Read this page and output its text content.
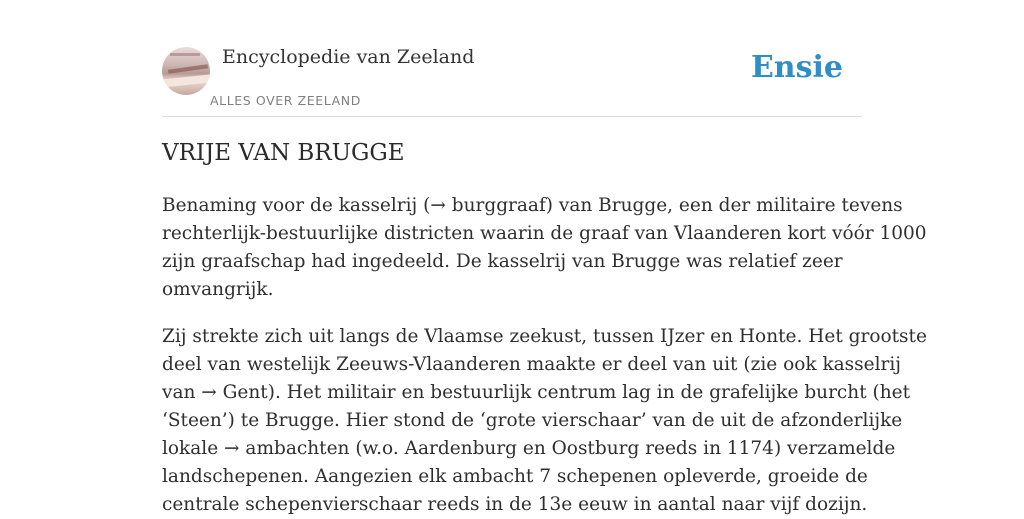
Encyclopedie van Zeeland
ALLES OVER ZEELAND
Ensie
VRIJE VAN BRUGGE

Benaming voor de kasselrij (→ burggraaf) van Brugge, een der militaire tevens
rechterlijk-bestuurlijke districten waarin de graaf van Vlaanderen kort vóór 1000
zijn graafschap had ingedeeld. De kasselrij van Brugge was relatief zeer
omvangrijk.

Zij strekte zich uit langs de Vlaamse zeekust, tussen IJzer en Honte. Het grootste
deel van westelijk Zeeuws-Vlaanderen maakte er deel van uit (zie ook kasselrij
van → Gent). Het militair en bestuurlijk centrum lag in de grafelijke burcht (het
‘Steen’) te Brugge. Hier stond de ‘grote vierschaar’ van de uit de afzonderlijke
lokale → ambachten (w.o. Aardenburg en Oostburg reeds in 1174) verzamelde
landschepenen. Aangezien elk ambacht 7 schepenen opleverde, groeide de
centrale schepenvierschaar reeds in de 13e eeuw in aantal naar vijf dozijn.
